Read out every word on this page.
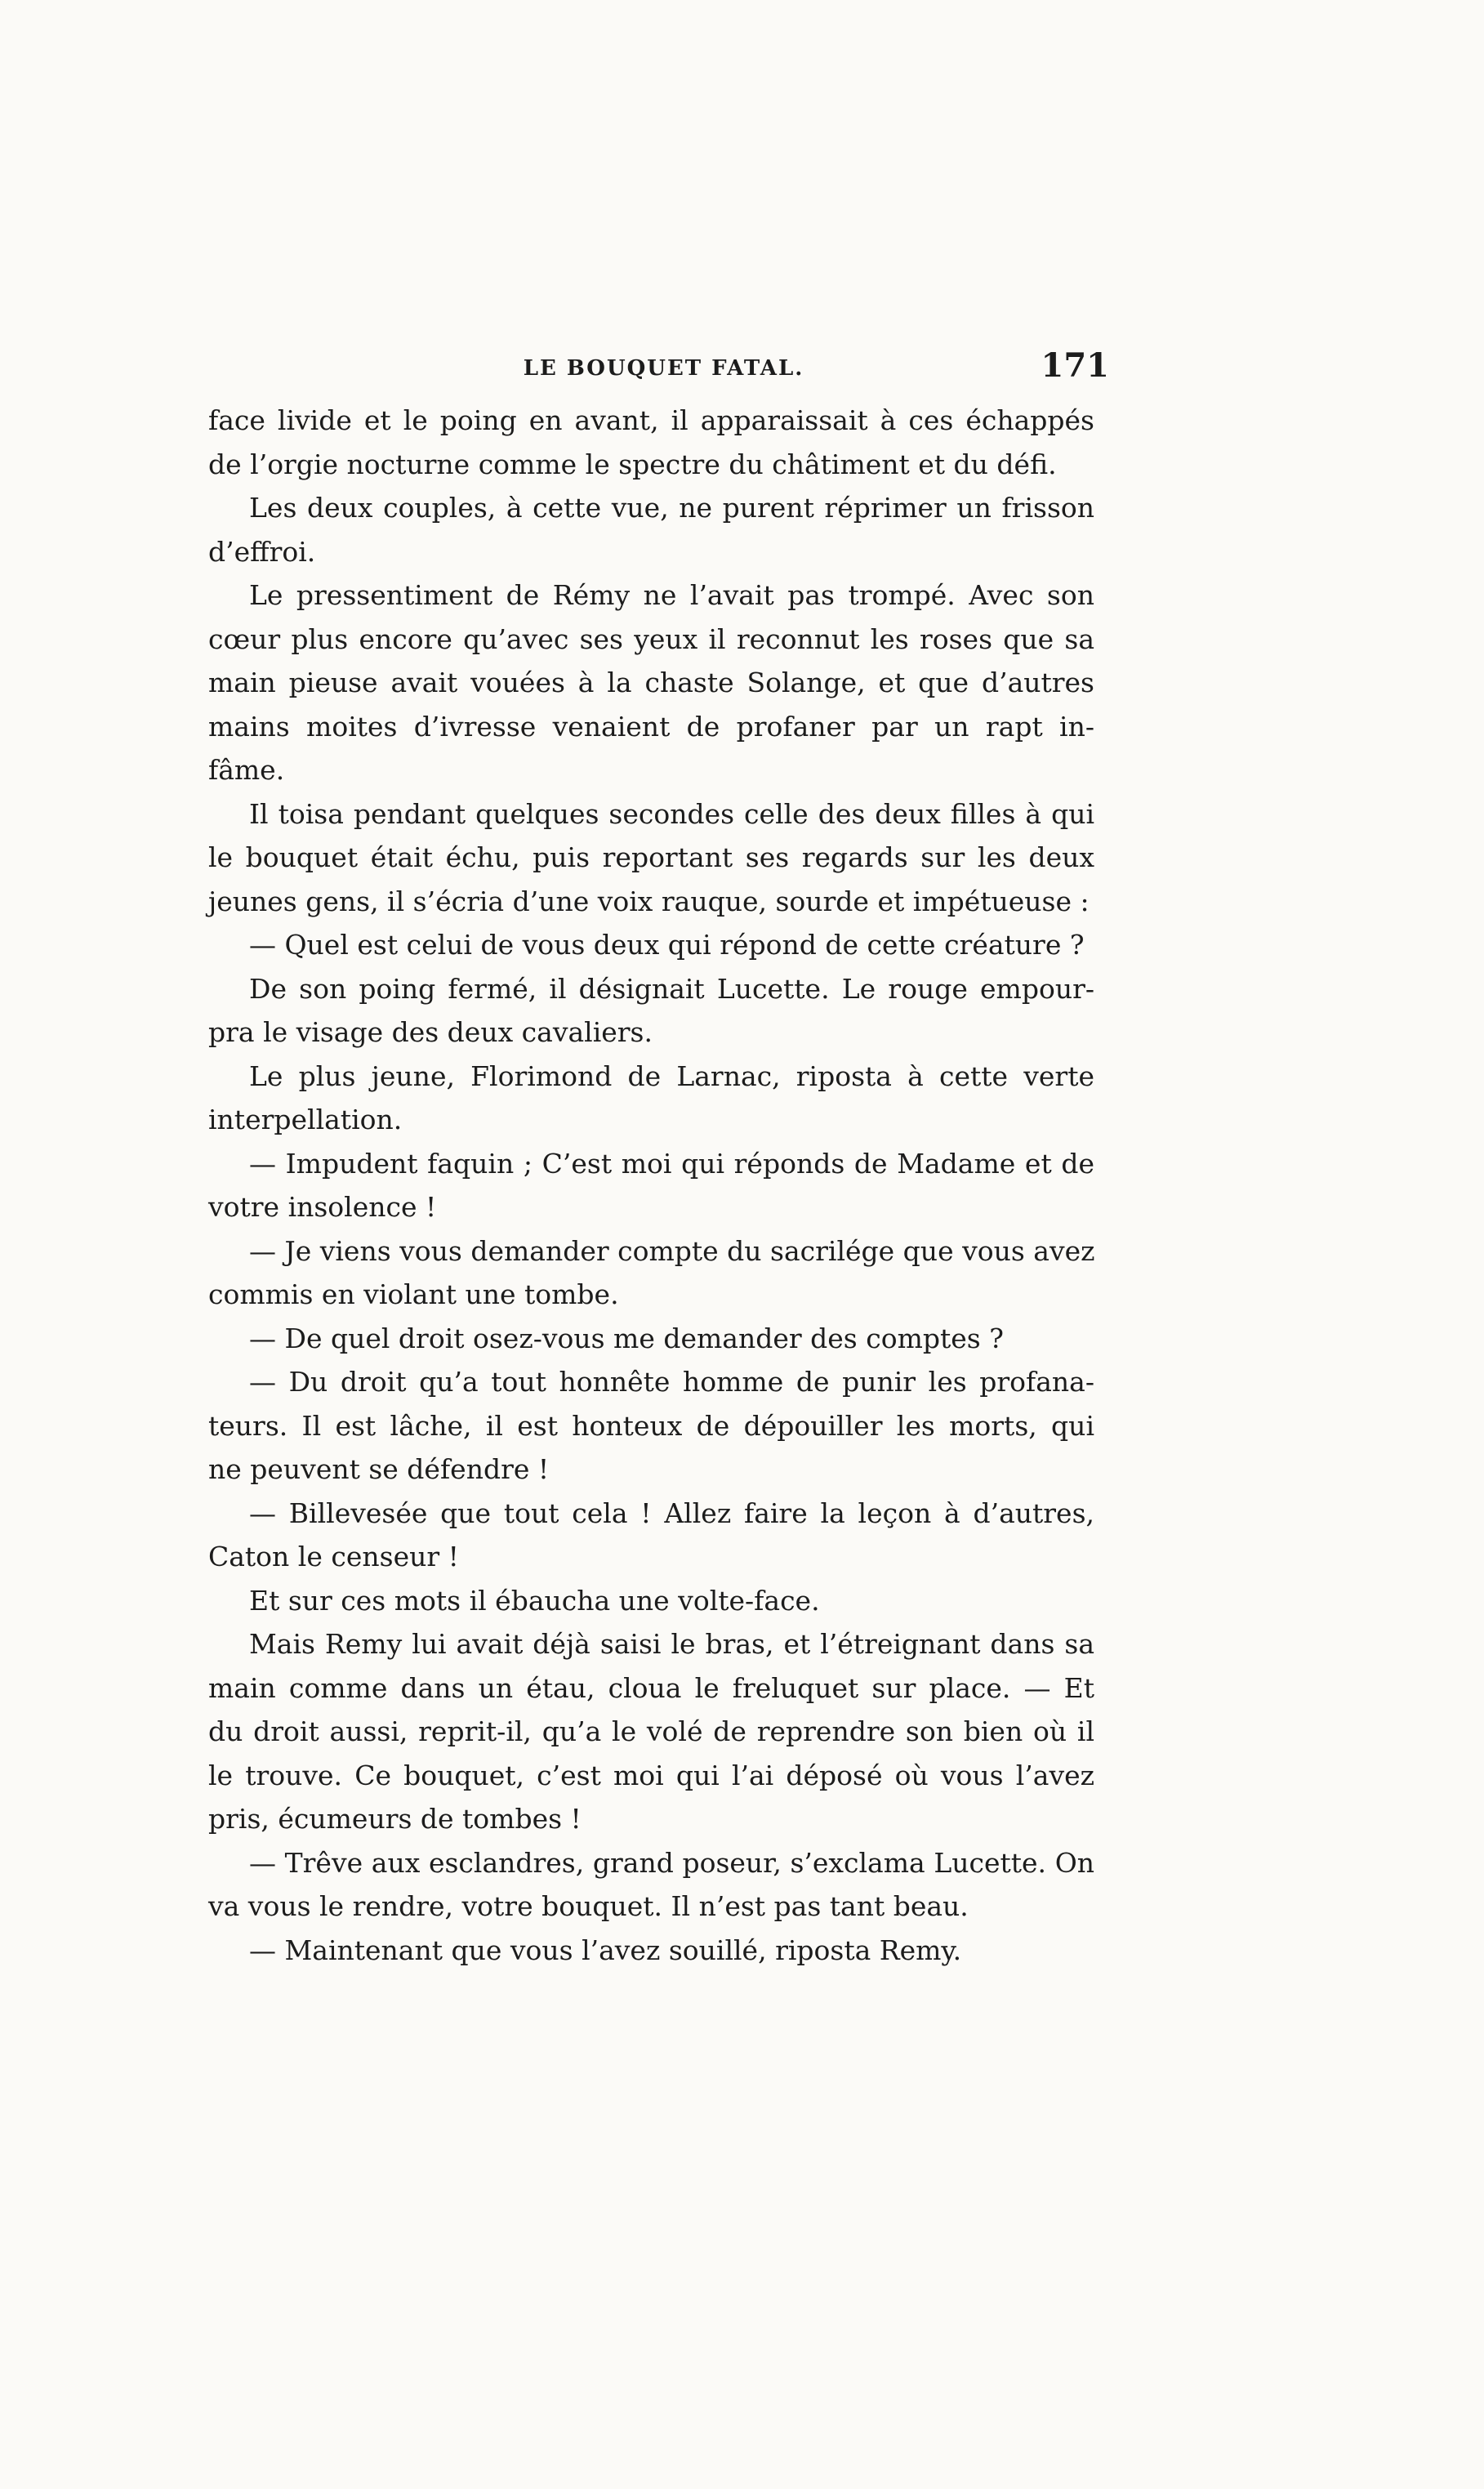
LE BOUQUET FATAL.	171
face livide et le poing en avant, il apparaissait à ces échappés
de l’orgie nocturne comme le spectre du châtiment et du défi.
Les deux couples, à cette vue, ne purent réprimer un frisson
d’effroi.
Le pressentiment de Rémy ne l’avait pas trompé. Avec son
cœur plus encore qu’avec ses yeux il reconnut les roses que sa
main pieuse avait vouées à la chaste Solange, et que d’autres
mains moites d’ivresse venaient de profaner par un rapt in-
fâme.
Il toisa pendant quelques secondes celle des deux filles à qui
le bouquet était échu, puis reportant ses regards sur les deux
jeunes gens, il s’écria d’une voix rauque, sourde et impétueuse :
— Quel est celui de vous deux qui répond de cette créature ?
De son poing fermé, il désignait Lucette. Le rouge empour-
pra le visage des deux cavaliers.
Le plus jeune, Florimond de Larnac, riposta à cette verte
interpellation.
— Impudent faquin ; C’est moi qui réponds de Madame et de
votre insolence !
— Je viens vous demander compte du sacrilége que vous avez
commis en violant une tombe.
— De quel droit osez-vous me demander des comptes ?
— Du droit qu’a tout honnête homme de punir les profana-
teurs. Il est lâche, il est honteux de dépouiller les morts, qui
ne peuvent se défendre !
— Billevesée que tout cela ! Allez faire la leçon à d’autres,
Caton le censeur !
Et sur ces mots il ébaucha une volte-face.
Mais Remy lui avait déjà saisi le bras, et l’étreignant dans sa
main comme dans un étau, cloua le freluquet sur place. — Et
du droit aussi, reprit-il, qu’a le volé de reprendre son bien où il
le trouve. Ce bouquet, c’est moi qui l’ai déposé où vous l’avez
pris, écumeurs de tombes !
— Trêve aux esclandres, grand poseur, s’exclama Lucette. On
va vous le rendre, votre bouquet. Il n’est pas tant beau.
— Maintenant que vous l’avez souillé, riposta Remy.
